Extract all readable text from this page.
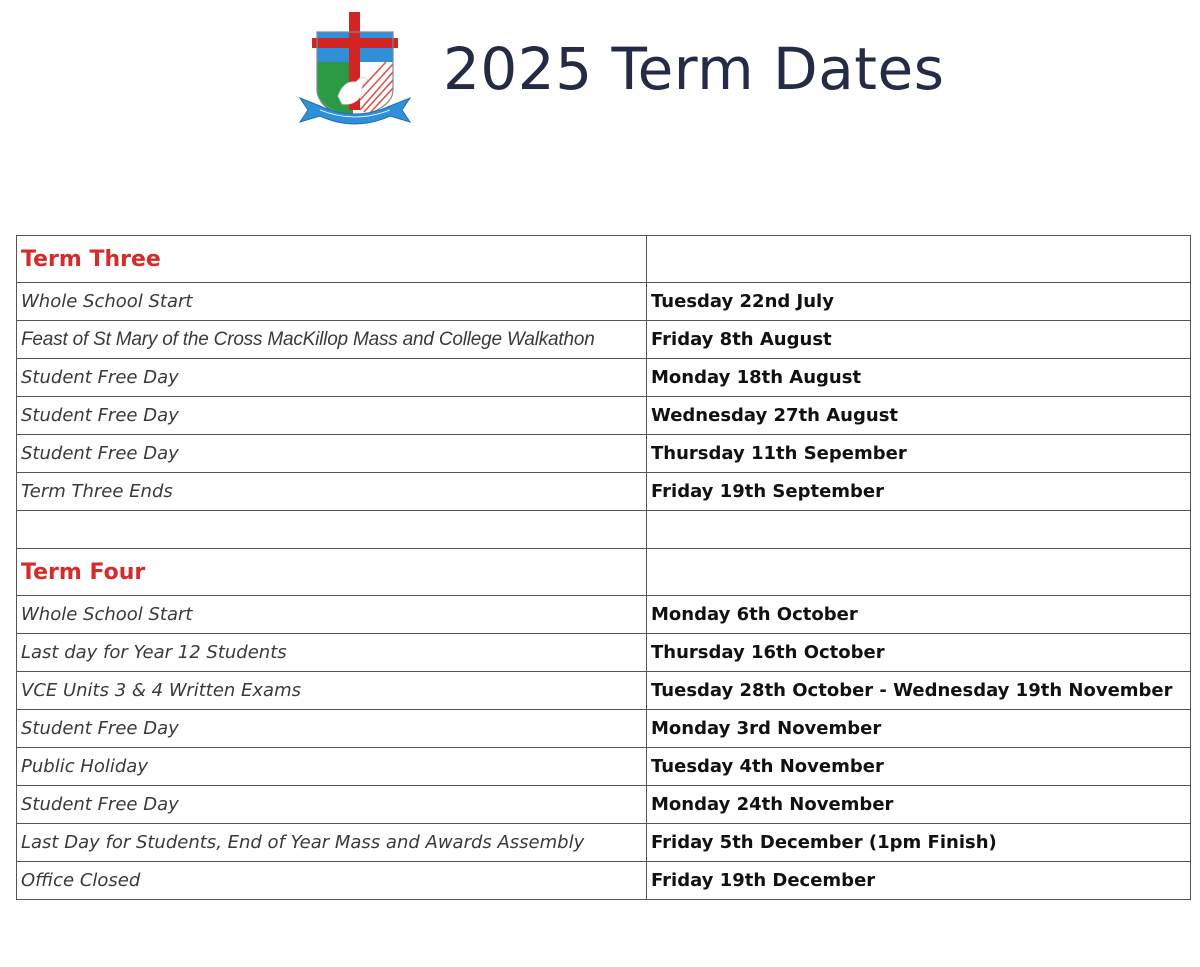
2025 Term Dates
Term Three	
Whole School Start	Tuesday 22nd July
Feast of St Mary of the Cross MacKillop Mass and College Walkathon	Friday 8th August
Student Free Day	Monday 18th August
Student Free Day	Wednesday 27th August
Student Free Day	Thursday 11th Sepember
Term Three Ends	Friday 19th September

Term Four	
Whole School Start	Monday 6th October
Last day for Year 12 Students	Thursday 16th October
VCE Units 3 & 4 Written Exams	Tuesday 28th October - Wednesday 19th November
Student Free Day	Monday 3rd November
Public Holiday	Tuesday 4th November
Student Free Day	Monday 24th November
Last Day for Students, End of Year Mass and Awards Assembly	Friday 5th December (1pm Finish)
Office Closed	Friday 19th December
